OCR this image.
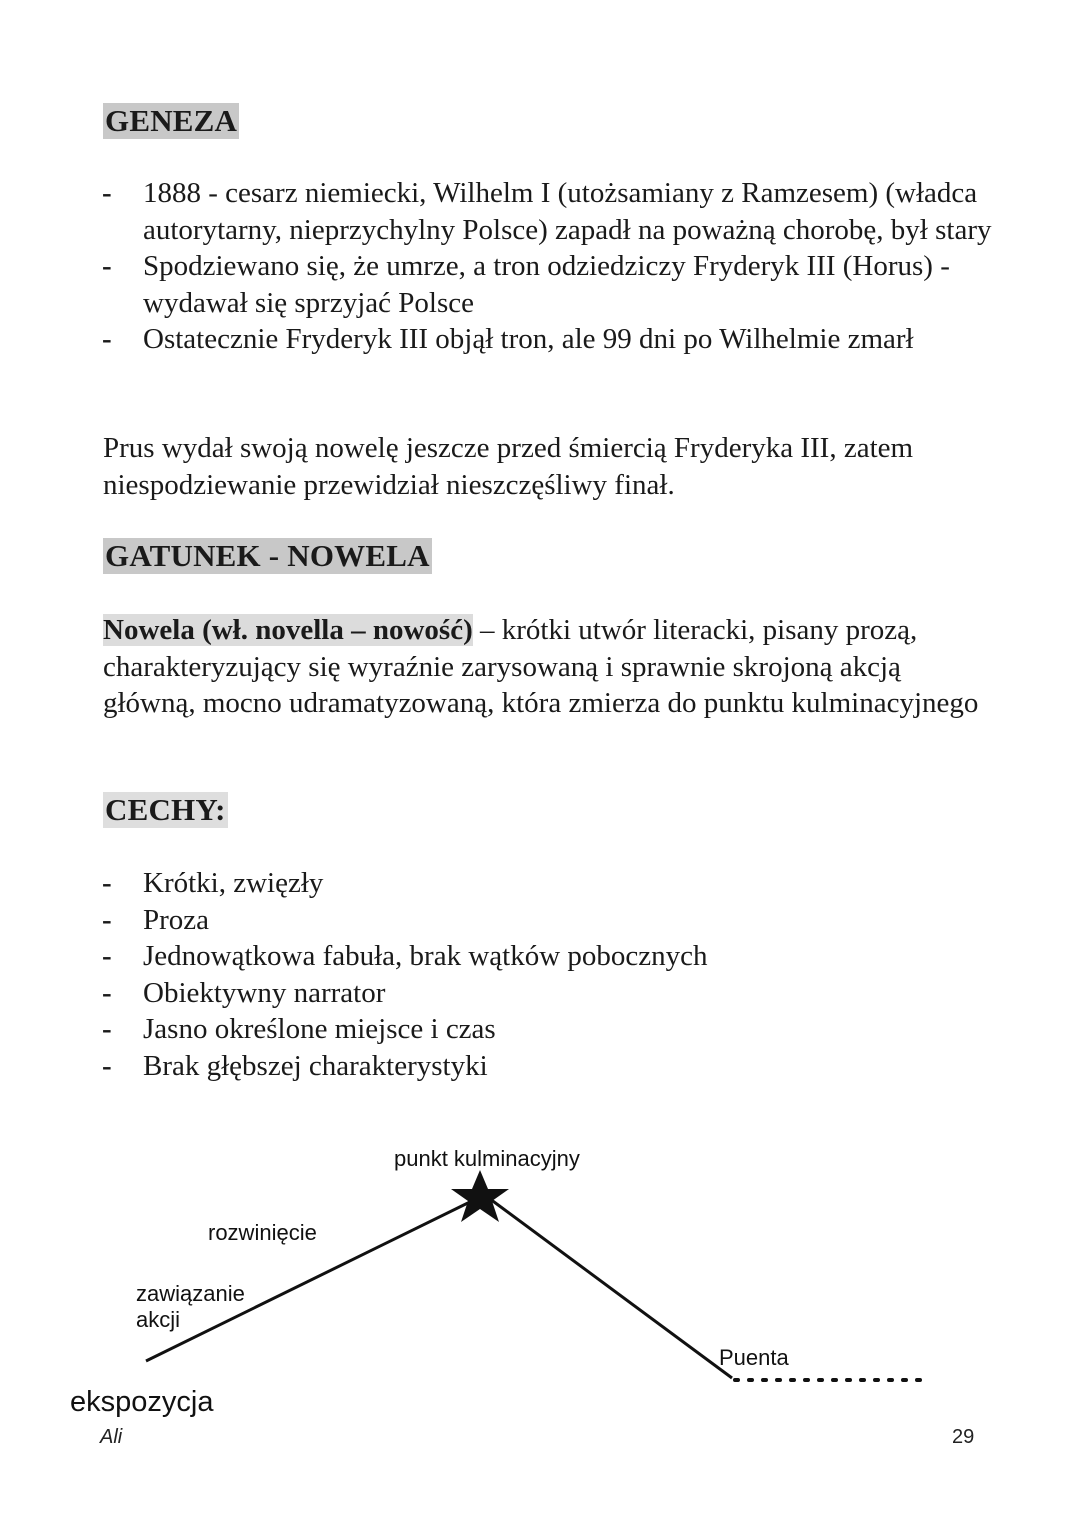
GENEZA
- 1888 - cesarz niemiecki, Wilhelm I (utożsamiany z Ramzesem) (władca autorytarny, nieprzychylny Polsce) zapadł na poważną chorobę, był stary
- Spodziewano się, że umrze, a tron odziedziczy Fryderyk III (Horus) - wydawał się sprzyjać Polsce
- Ostatecznie Fryderyk III objął tron, ale 99 dni po Wilhelmie zmarł

Prus wydał swoją nowelę jeszcze przed śmiercią Fryderyka III, zatem niespodziewanie przewidział nieszczęśliwy finał.

GATUNEK - NOWELA

Nowela (wł. novella – nowość) – krótki utwór literacki, pisany prozą, charakteryzujący się wyraźnie zarysowaną i sprawnie skrojoną akcją główną, mocno udramatyzowaną, która zmierza do punktu kulminacyjnego

CECHY:
- Krótki, zwięzły
- Proza
- Jednowątkowa fabuła, brak wątków pobocznych
- Obiektywny narrator
- Jasno określone miejsce i czas
- Brak głębszej charakterystyki
punkt kulminacyjny
rozwinięcie
zawiązanie
akcji
Puenta
ekspozycja
Ali	29
